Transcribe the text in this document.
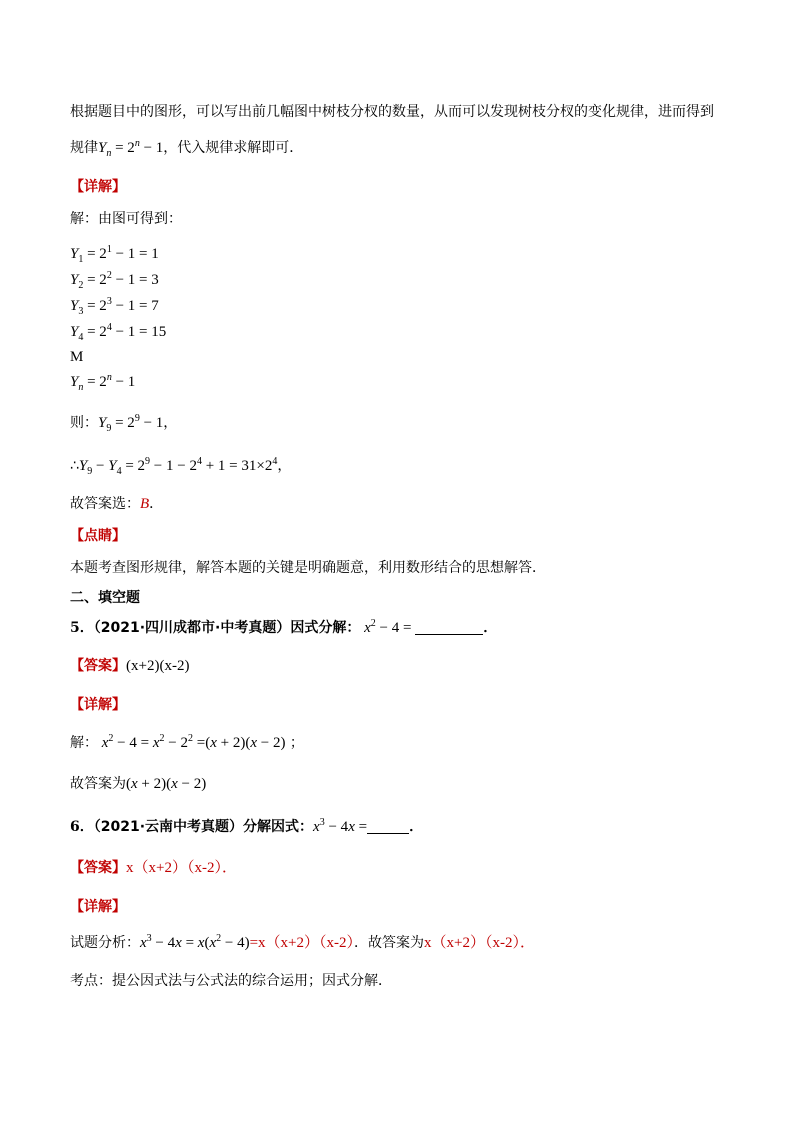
根据题目中的图形，可以写出前几幅图中树枝分杈的数量，从而可以发现树枝分杈的变化规律，进而得到
规律$Y_n = 2^n - 1$，代入规律求解即可．
【详解】
解：由图可得到：
$Y_1 = 2^1 - 1 = 1$
$Y_2 = 2^2 - 1 = 3$
$Y_3 = 2^3 - 1 = 7$
$Y_4 = 2^4 - 1 = 15$
M
$Y_n = 2^n - 1$
则：$Y_9 = 2^9 - 1$，
$\therefore Y_9 - Y_4 = 2^9 - 1 - 2^4 + 1 = 31\times 2^4$，
故答案选：B．
【点睛】
本题考查图形规律，解答本题的关键是明确题意，利用数形结合的思想解答．
二、填空题
5．（2021·四川成都市·中考真题）因式分解： $x^2 - 4$ =	．
【答案】(x+2)(x-2)
【详解】
解： $x^2 - 4 = x^2 - 2^2 =(x + 2)(x - 2)$ ；
故答案为(x + 2)(x − 2)
6．（2021·云南中考真题）分解因式：$x^3 - 4x$ =	．
【答案】x（x+2）（x-2）．
【详解】
试题分析：$x^3 - 4x = x(x^2 - 4)=x(x+2)(x-2)$．故答案为x（x+2）（x-2）．
考点：提公因式法与公式法的综合运用；因式分解．
